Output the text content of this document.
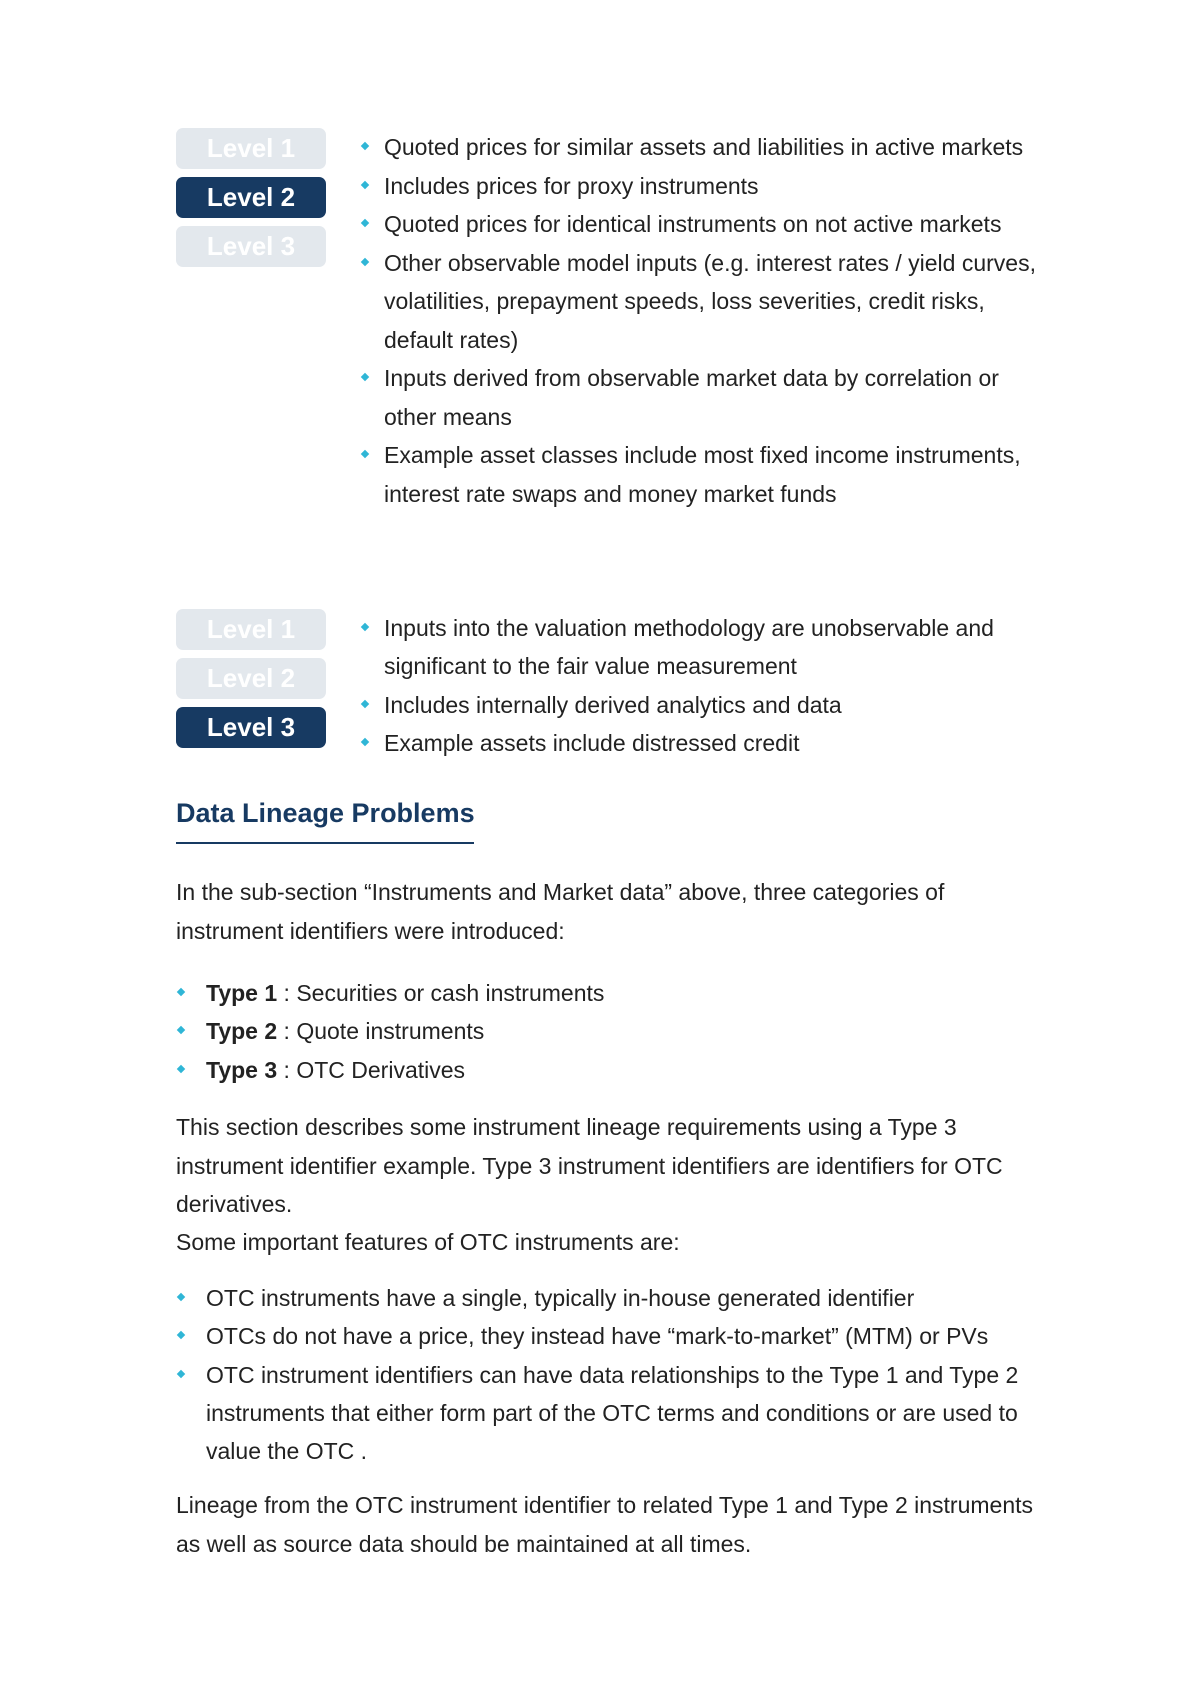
Level 1
Level 2
Level 3
Quoted prices for similar assets and liabilities in active markets
Includes prices for proxy instruments
Quoted prices for identical instruments on not active markets
Other observable model inputs (e.g. interest rates / yield curves, volatilities, prepayment speeds, loss severities, credit risks, default rates)
Inputs derived from observable market data by correlation or other means
Example asset classes include most fixed income instruments, interest rate swaps and money market funds
Level 1
Level 2
Level 3
Inputs into the valuation methodology are unobservable and significant to the fair value measurement
Includes internally derived analytics and data
Example assets include distressed credit
Data Lineage Problems

In the sub-section “Instruments and Market data” above, three categories of instrument identifiers were introduced:

Type 1 : Securities or cash instruments
Type 2 : Quote instruments
Type 3 : OTC Derivatives

This section describes some instrument lineage requirements using a Type 3 instrument identifier example. Type 3 instrument identifiers are identifiers for OTC derivatives.

Some important features of OTC instruments are:

OTC instruments have a single, typically in-house generated identifier
OTCs do not have a price, they instead have “mark-to-market” (MTM) or PVs
OTC instrument identifiers can have data relationships to the Type 1 and Type 2 instruments that either form part of the OTC terms and conditions or are used to value the OTC .

Lineage from the OTC instrument identifier to related Type 1 and Type 2 instruments as well as source data should be maintained at all times.
